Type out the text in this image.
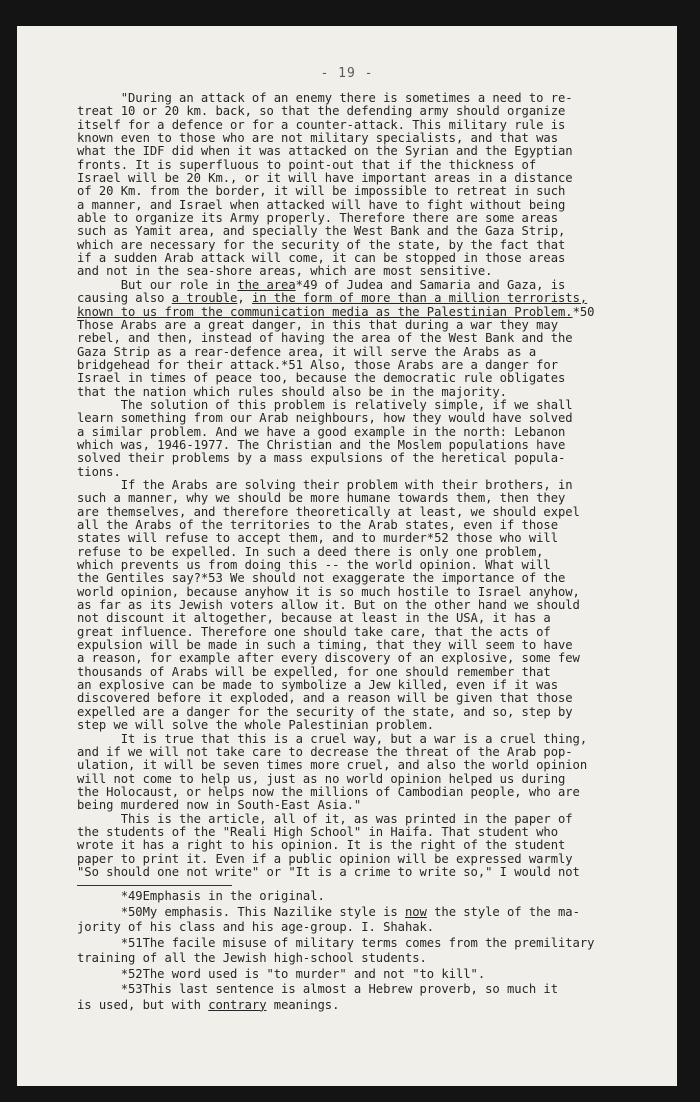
- 19 -
"During an attack of an enemy there is sometimes a need to re-
treat 10 or 20 km. back, so that the defending army should organize
itself for a defence or for a counter-attack. This military rule is
known even to those who are not military specialists, and that was
what the IDF did when it was attacked on the Syrian and the Egyptian
fronts. It is superfluous to point-out that if the thickness of
Israel will be 20 Km., or it will have important areas in a distance
of 20 Km. from the border, it will be impossible to retreat in such
a manner, and Israel when attacked will have to fight without being
able to organize its Army properly. Therefore there are some areas
such as Yamit area, and specially the West Bank and the Gaza Strip,
which are necessary for the security of the state, by the fact that
if a sudden Arab attack will come, it can be stopped in those areas
and not in the sea-shore areas, which are most sensitive.
But our role in the area*49 of Judea and Samaria and Gaza, is
causing also a trouble, in the form of more than a million terrorists,
known to us from the communication media as the Palestinian Problem.*50
Those Arabs are a great danger, in this that during a war they may
rebel, and then, instead of having the area of the West Bank and the
Gaza Strip as a rear-defence area, it will serve the Arabs as a
bridgehead for their attack.*51 Also, those Arabs are a danger for
Israel in times of peace too, because the democratic rule obligates
that the nation which rules should also be in the majority.
The solution of this problem is relatively simple, if we shall
learn something from our Arab neighbours, how they would have solved
a similar problem. And we have a good example in the north: Lebanon
which was, 1946-1977. The Christian and the Moslem populations have
solved their problems by a mass expulsions of the heretical popula-
tions.
If the Arabs are solving their problem with their brothers, in
such a manner, why we should be more humane towards them, then they
are themselves, and therefore theoretically at least, we should expel
all the Arabs of the territories to the Arab states, even if those
states will refuse to accept them, and to murder*52 those who will
refuse to be expelled. In such a deed there is only one problem,
which prevents us from doing this -- the world opinion. What will
the Gentiles say?*53 We should not exaggerate the importance of the
world opinion, because anyhow it is so much hostile to Israel anyhow,
as far as its Jewish voters allow it. But on the other hand we should
not discount it altogether, because at least in the USA, it has a
great influence. Therefore one should take care, that the acts of
expulsion will be made in such a timing, that they will seem to have
a reason, for example after every discovery of an explosive, some few
thousands of Arabs will be expelled, for one should remember that
an explosive can be made to symbolize a Jew killed, even if it was
discovered before it exploded, and a reason will be given that those
expelled are a danger for the security of the state, and so, step by
step we will solve the whole Palestinian problem.
It is true that this is a cruel way, but a war is a cruel thing,
and if we will not take care to decrease the threat of the Arab pop-
ulation, it will be seven times more cruel, and also the world opinion
will not come to help us, just as no world opinion helped us during
the Holocaust, or helps now the millions of Cambodian people, who are
being murdered now in South-East Asia."
This is the article, all of it, as was printed in the paper of
the students of the "Reali High School" in Haifa. That student who
wrote it has a right to his opinion. It is the right of the student
paper to print it. Even if a public opinion will be expressed warmly
"So should one not write" or "It is a crime to write so," I would not
*49Emphasis in the original.
*50My emphasis. This Nazilike style is now the style of the ma-
jority of his class and his age-group. I. Shahak.
*51The facile misuse of military terms comes from the premilitary
training of all the Jewish high-school students.
*52The word used is "to murder" and not "to kill".
*53This last sentence is almost a Hebrew proverb, so much it
is used, but with contrary meanings.
